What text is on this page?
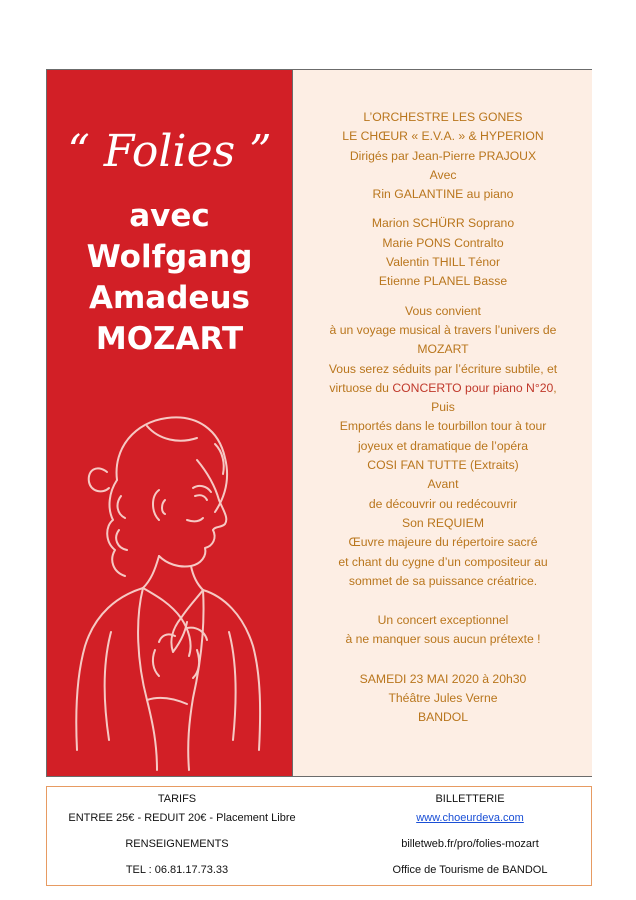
“ Folies ”
avec
Wolfgang
Amadeus
MOZART
L’ORCHESTRE LES GONES
LE CHŒUR « E.V.A. » & HYPERION
Dirigés par Jean-Pierre PRAJOUX
Avec
Rin GALANTINE au piano
Marion SCHÜRR Soprano
Marie PONS Contralto
Valentin THILL Ténor
Etienne PLANEL Basse
Vous convient
à un voyage musical à travers l’univers de
MOZART
Vous serez séduits par l’écriture subtile, et
virtuose du CONCERTO pour piano N°20,
Puis
Emportés dans le tourbillon tour à tour
joyeux et dramatique de l’opéra
COSI FAN TUTTE (Extraits)
Avant
de découvrir ou redécouvrir
Son REQUIEM
Œuvre majeure du répertoire sacré
et chant du cygne d’un compositeur au
sommet de sa puissance créatrice.
Un concert exceptionnel
à ne manquer sous aucun prétexte !
SAMEDI 23 MAI 2020 à 20h30
Théâtre Jules Verne
BANDOL
TARIFS
ENTREE 25€ - REDUIT 20€ - Placement Libre
RENSEIGNEMENTS
TEL : 06.81.17.73.33
BILLETTERIE
www.choeurdeva.com
billetweb.fr/pro/folies-mozart
Office de Tourisme de BANDOL
